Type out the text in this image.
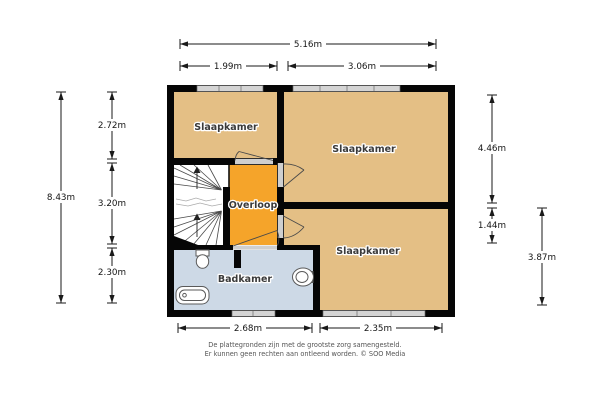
Slaapkamer
Slaapkamer
Slaapkamer
Overloop
Badkamer
5.16m
1.99m	3.06m
8.43m
2.72m
3.20m
2.30m
4.46m
1.44m
3.87m
2.68m	2.35m
De plattegronden zijn met de grootste zorg samengesteld.
Er kunnen geen rechten aan ontleend worden. © SOO Media
